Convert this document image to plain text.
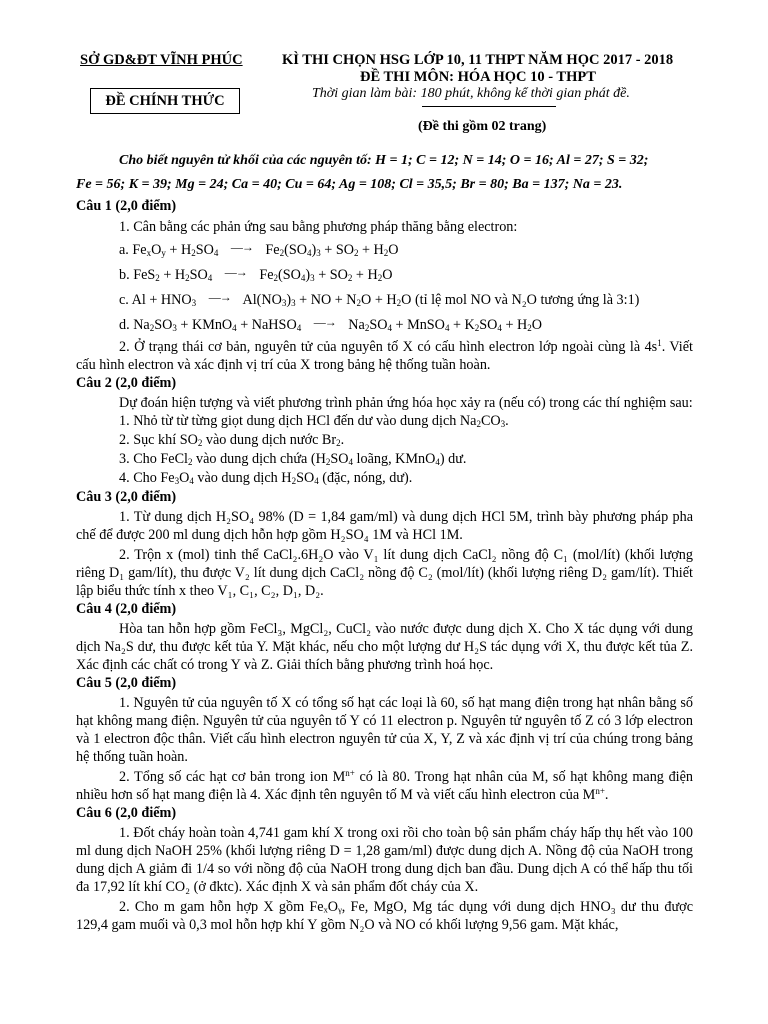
SỞ GD&ĐT VĨNH PHÚC
ĐỀ CHÍNH THỨC
KÌ THI CHỌN HSG LỚP 10, 11 THPT NĂM HỌC 2017 - 2018
ĐỀ THI MÔN: HÓA HỌC 10 - THPT
Thời gian làm bài: 180 phút, không kể thời gian phát đề.
(Đề thi gồm 02 trang)
Cho biết nguyên tử khối của các nguyên tố: H = 1; C = 12; N = 14; O = 16; Al = 27; S = 32;
Fe = 56; K = 39; Mg = 24; Ca = 40; Cu = 64; Ag = 108; Cl = 35,5; Br = 80; Ba = 137; Na = 23.
Câu 1 (2,0 điểm)

1. Cân bằng các phản ứng sau bằng phương pháp thăng bằng electron:

a. $Fe_xO_y + H_2SO_4$ —→ $Fe_2(SO_4)_3 + SO_2 + H_2O$
b. $FeS_2 + H_2SO_4$ —→ $Fe_2(SO_4)_3 + SO_2 + H_2O$
c. $Al + HNO_3$ —→ $Al(NO_3)_3$ + NO + $N_2O + H_2O$ (tỉ lệ mol NO và N₂O tương ứng là 3:1)
d. $Na_2SO_3$ + KMnO$_4$ + NaHSO$_4$ —→ $Na_2SO_4$ + MnSO$_4$ + $K_2SO_4 + H_2O$

2. Ở trạng thái cơ bản, nguyên tử của nguyên tố X có cấu hình electron lớp ngoài cùng là $4s^1$. Viết cấu hình electron và xác định vị trí của X trong bảng hệ thống tuần hoàn.

Câu 2 (2,0 điểm)

Dự đoán hiện tượng và viết phương trình phản ứng hóa học xảy ra (nếu có) trong các thí nghiệm sau:

1. Nhỏ từ từ từng giọt dung dịch HCl đến dư vào dung dịch $Na_2CO_3$.

2. Sục khí $SO_2$ vào dung dịch nước $Br_2$.

3. Cho FeCl$_2$ vào dung dịch chứa ($H_2SO_4$ loãng, KMnO$_4$) dư.

4. Cho $Fe_3O_4$ vào dung dịch $H_2SO_4$ (đặc, nóng, dư).

Câu 3 (2,0 điểm)

1. Từ dung dịch H₂SO₄ 98% (D = 1,84 gam/ml) và dung dịch HCl 5M, trình bày phương pháp pha chế để được 200 ml dung dịch hỗn hợp gồm H₂SO₄ 1M và HCl 1M.

2. Trộn x (mol) tinh thể CaCl₂.6H₂O vào V₁ lít dung dịch CaCl₂ nồng độ C₁ (mol/lít) (khối lượng riêng D₁ gam/lít), thu được V₂ lít dung dịch CaCl₂ nồng độ C₂ (mol/lít) (khối lượng riêng D₂ gam/lít). Thiết lập biểu thức tính x theo V₁, C₁, C₂, D₁, D₂.

Câu 4 (2,0 điểm)

Hòa tan hỗn hợp gồm FeCl₃, MgCl₂, CuCl₂ vào nước được dung dịch X. Cho X tác dụng với dung dịch Na₂S dư, thu được kết tủa Y. Mặt khác, nếu cho một lượng dư H₂S tác dụng với X, thu được kết tủa Z. Xác định các chất có trong Y và Z. Giải thích bằng phương trình hoá học.

Câu 5 (2,0 điểm)

1. Nguyên tử của nguyên tố X có tổng số hạt các loại là 60, số hạt mang điện trong hạt nhân bằng số hạt không mang điện. Nguyên tử của nguyên tố Y có 11 electron p. Nguyên tử nguyên tố Z có 3 lớp electron và 1 electron độc thân. Viết cấu hình electron nguyên tử của X, Y, Z và xác định vị trí của chúng trong bảng hệ thống tuần hoàn.

2. Tổng số các hạt cơ bản trong ion $M^{n+}$ có là 80. Trong hạt nhân của M, số hạt không mang điện nhiều hơn số hạt mang điện là 4. Xác định tên nguyên tố M và viết cấu hình electron của $M^{n+}$.

Câu 6 (2,0 điểm)

1. Đốt cháy hoàn toàn 4,741 gam khí X trong oxi rồi cho toàn bộ sản phẩm cháy hấp thụ hết vào 100 ml dung dịch NaOH 25% (khối lượng riêng D = 1,28 gam/ml) được dung dịch A. Nồng độ của NaOH trong dung dịch A giảm đi 1/4 so với nồng độ của NaOH trong dung dịch ban đầu. Dung dịch A có thể hấp thu tối đa 17,92 lít khí CO₂ (ở đktc). Xác định X và sản phẩm đốt cháy của X.

2. Cho m gam hỗn hợp X gồm FeₓOᵧ, Fe, MgO, Mg tác dụng với dung dịch HNO₃ dư thu được 129,4 gam muối và 0,3 mol hỗn hợp khí Y gồm N₂O và NO có khối lượng 9,56 gam. Mặt khác,
